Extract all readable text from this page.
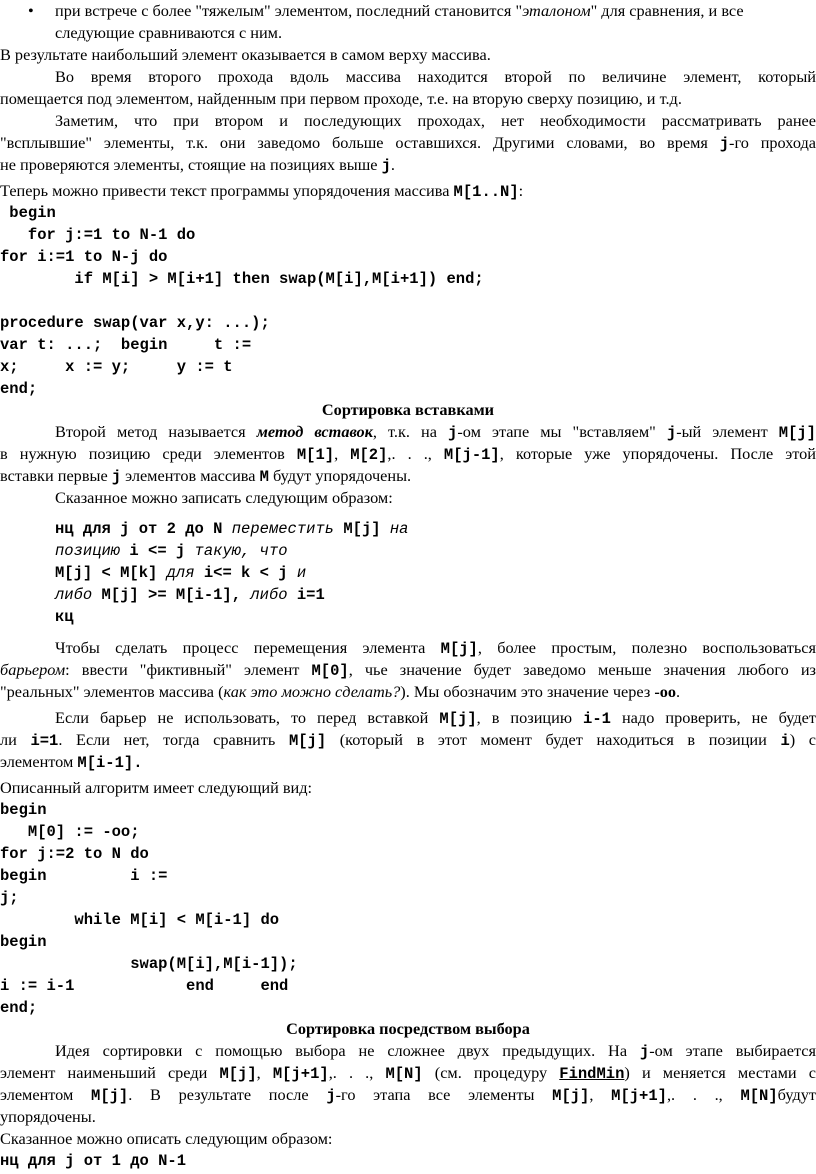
•	при встрече с более "тяжелым" элементом, последний становится "эталоном" для сравнения, и все
следующие сравниваются с ним.
В результате наибольший элемент оказывается в самом верху массива.
Во время второго прохода вдоль массива находится второй по величине элемент, который
помещается под элементом, найденным при первом проходе, т.е. на вторую сверху позицию, и т.д.
Заметим, что при втором и последующих проходах, нет необходимости рассматривать ранее
"всплывшие" элементы, т.к. они заведомо больше оставшихся. Другими словами, во время j-го прохода
не проверяются элементы, стоящие на позициях выше j.
Теперь можно привести текст программы упорядочения массива M[1..N]:
begin
for j:=1 to N-1 do
for i:=1 to N-j do
if M[i] > M[i+1] then swap(M[i],M[i+1]) end;
procedure swap(var x,y: ...);
var t: ...;  begin     t :=
x;     x := y;     y := t
end;
Сортировка вставками
Второй метод называется метод вставок, т.к. на j-ом этапе мы "вставляем" j-ый элемент M[j]
в нужную позицию среди элементов M[1], M[2],. . ., M[j-1], которые уже упорядочены. После этой
вставки первые j элементов массива M будут упорядочены.
Сказанное можно записать следующим образом:
нц для j от 2 до N переместить M[j] на
позицию i <= j такую, что
M[j] < M[k] для i<= k < j и
либо M[j] >= M[i-1], либо i=1
кц
Чтобы сделать процесс перемещения элемента M[j], более простым, полезно воспользоваться
барьером: ввести "фиктивный" элемент M[0], чье значение будет заведомо меньше значения любого из
"реальных" элементов массива (как это можно сделать?). Мы обозначим это значение через -oo.
Если барьер не использовать, то перед вставкой M[j], в позицию i-1 надо проверить, не будет
ли i=1. Если нет, тогда сравнить M[j] (который в этот момент будет находиться в позиции i) с
элементом M[i-1].
Описанный алгоритм имеет следующий вид:
begin
M[0] := -oo;
for j:=2 to N do
begin         i :=
j;
while M[i] < M[i-1] do
begin
swap(M[i],M[i-1]);
i := i-1            end     end
end;
Сортировка посредством выбора
Идея сортировки с помощью выбора не сложнее двух предыдущих. На j-ом этапе выбирается
элемент наименьший среди M[j], M[j+1],. . ., M[N] (см. процедуру FindMin) и меняется местами с
элементом M[j]. В результате после j-го этапа все элементы M[j], M[j+1],. . ., M[N]будут
упорядочены.
Сказанное можно описать следующим образом:
нц для j от 1 до N-1
